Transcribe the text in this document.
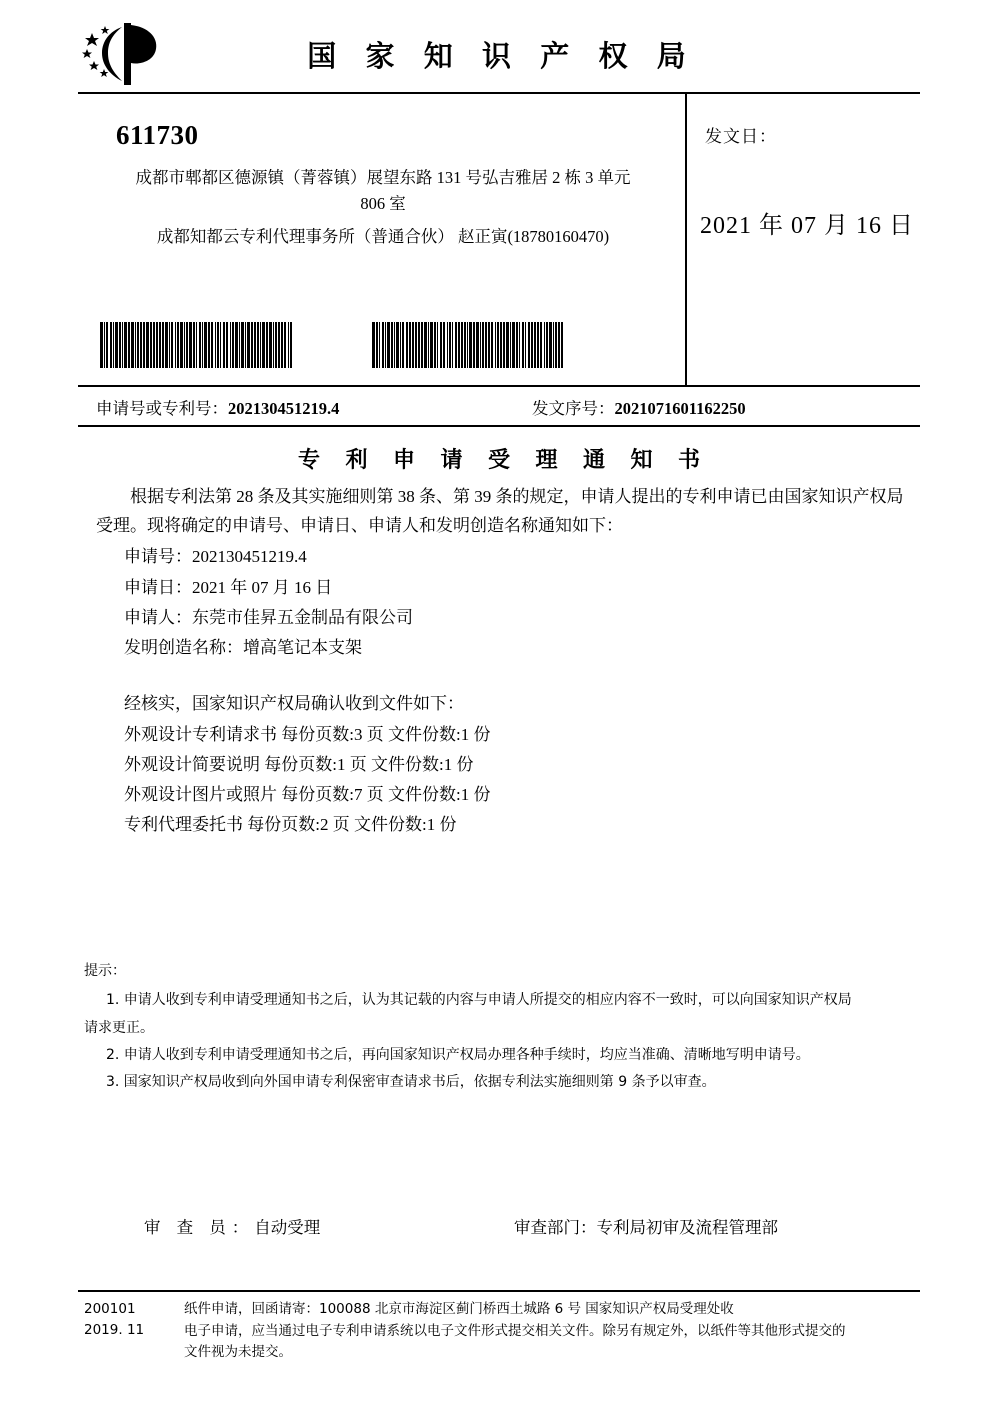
国 家 知 识 产 权 局
611730
成都市郫都区德源镇（菁蓉镇）展望东路 131 号弘吉雅居 2 栋 3 单元
806 室
成都知都云专利代理事务所（普通合伙） 赵正寅(18780160470)
发文日：
2021 年 07 月 16 日
申请号或专利号：202130451219.4	发文序号：2021071601162250
专 利 申 请 受 理 通 知 书
根据专利法第 28 条及其实施细则第 38 条、第 39 条的规定，申请人提出的专利申请已由国家知识产权局受理。现将确定的申请号、申请日、申请人和发明创造名称通知如下：
申请号：202130451219.4
申请日：2021 年 07 月 16 日
申请人：东莞市佳昇五金制品有限公司
发明创造名称：增高笔记本支架
经核实，国家知识产权局确认收到文件如下：
外观设计专利请求书 每份页数:3 页 文件份数:1 份
外观设计简要说明 每份页数:1 页 文件份数:1 份
外观设计图片或照片 每份页数:7 页 文件份数:1 份
专利代理委托书 每份页数:2 页 文件份数:1 份
提示：
1. 申请人收到专利申请受理通知书之后，认为其记载的内容与申请人所提交的相应内容不一致时，可以向国家知识产权局
请求更正。
2. 申请人收到专利申请受理通知书之后，再向国家知识产权局办理各种手续时，均应当准确、清晰地写明申请号。
3. 国家知识产权局收到向外国申请专利保密审查请求书后，依据专利法实施细则第 9 条予以审查。
审 查 员：自动受理	审查部门：专利局初审及流程管理部
200101
2019. 11
纸件申请，回函请寄：100088 北京市海淀区蓟门桥西土城路 6 号 国家知识产权局受理处收
电子申请，应当通过电子专利申请系统以电子文件形式提交相关文件。除另有规定外，以纸件等其他形式提交的
文件视为未提交。
